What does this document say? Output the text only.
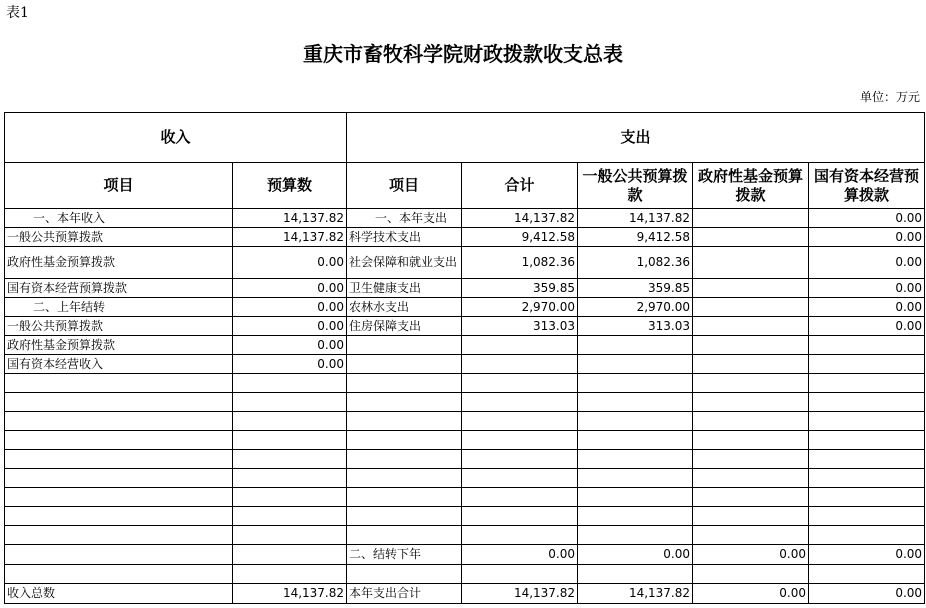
表1
重庆市畜牧科学院财政拨款收支总表
单位：万元
收入		支出				
项目	预算数	项目	合计	一般公共预算拨款	政府性基金预算拨款	国有资本经营预算拨款
一、本年收入	14,137.82	一、本年支出	14,137.82	14,137.82		0.00
一般公共预算拨款	14,137.82	科学技术支出	9,412.58	9,412.58		0.00
政府性基金预算拨款	0.00	社会保障和就业支出	1,082.36	1,082.36		0.00
国有资本经营预算拨款	0.00	卫生健康支出	359.85	359.85		0.00
二、上年结转	0.00	农林水支出	2,970.00	2,970.00		0.00
一般公共预算拨款	0.00	住房保障支出	313.03	313.03		0.00
政府性基金预算拨款	0.00					
国有资本经营收入	0.00					

		二、结转下年	0.00	0.00	0.00	0.00

收入总数	14,137.82	本年支出合计	14,137.82	14,137.82	0.00	0.00
